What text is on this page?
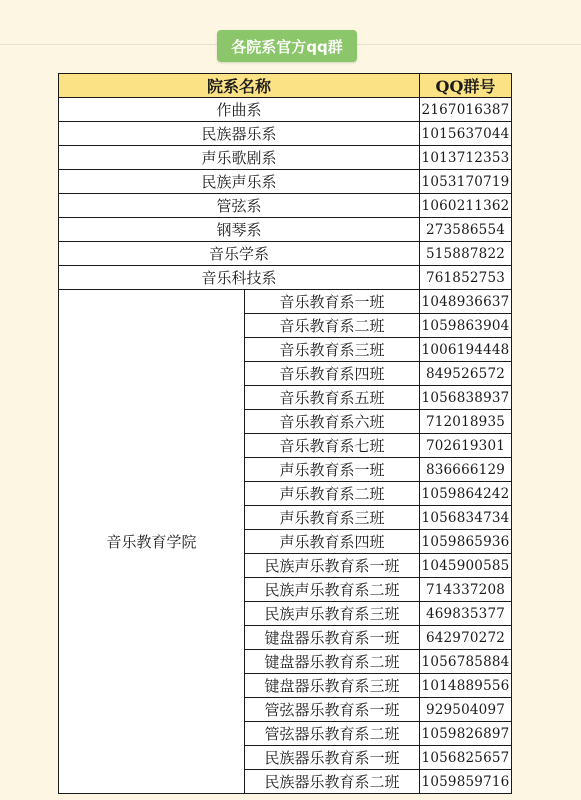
各院系官方qq群
院系名称		QQ群号
作曲系		2167016387
民族器乐系		1015637044
声乐歌剧系		1013712353
民族声乐系		1053170719
管弦系		1060211362
钢琴系		273586554
音乐学系		515887822
音乐科技系		761852753
音乐教育学院	音乐教育系一班	1048936637
	音乐教育系二班	1059863904
	音乐教育系三班	1006194448
	音乐教育系四班	849526572
	音乐教育系五班	1056838937
	音乐教育系六班	712018935
	音乐教育系七班	702619301
	声乐教育系一班	836666129
	声乐教育系二班	1059864242
	声乐教育系三班	1056834734
	声乐教育系四班	1059865936
	民族声乐教育系一班	1045900585
	民族声乐教育系二班	714337208
	民族声乐教育系三班	469835377
	键盘器乐教育系一班	642970272
	键盘器乐教育系二班	1056785884
	键盘器乐教育系三班	1014889556
	管弦器乐教育系一班	929504097
	管弦器乐教育系二班	1059826897
	民族器乐教育系一班	1056825657
	民族器乐教育系二班	1059859716
